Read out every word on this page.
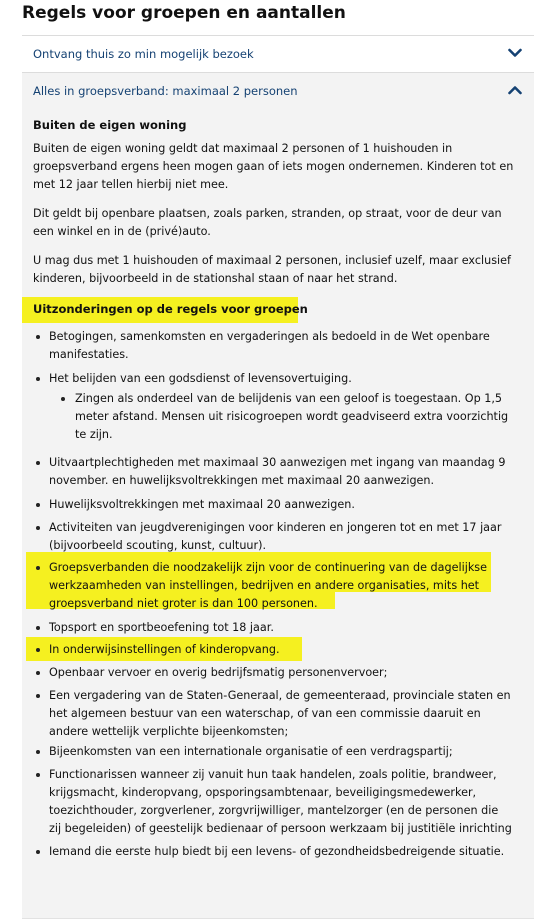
Regels voor groepen en aantallen
Ontvang thuis zo min mogelijk bezoek
Alles in groepsverband: maximaal 2 personen
Buiten de eigen woning

Buiten de eigen woning geldt dat maximaal 2 personen of 1 huishouden in groepsverband ergens heen mogen gaan of iets mogen ondernemen. Kinderen tot en met 12 jaar tellen hierbij niet mee.

Dit geldt bij openbare plaatsen, zoals parken, stranden, op straat, voor de deur van een winkel en in de (privé)auto.

U mag dus met 1 huishouden of maximaal 2 personen, inclusief uzelf, maar exclusief kinderen, bijvoorbeeld in de stationshal staan of naar het strand.

Uitzonderingen op de regels voor groepen
Betogingen, samenkomsten en vergaderingen als bedoeld in de Wet openbare manifestaties.
Het belijden van een godsdienst of levensovertuiging.
Zingen als onderdeel van de belijdenis van een geloof is toegestaan. Op 1,5 meter afstand. Mensen uit risicogroepen wordt geadviseerd extra voorzichtig te zijn.
Uitvaartplechtigheden met maximaal 30 aanwezigen met ingang van maandag 9 november. en huwelijksvoltrekkingen met maximaal 20 aanwezigen.
Huwelijksvoltrekkingen met maximaal 20 aanwezigen.
Activiteiten van jeugdverenigingen voor kinderen en jongeren tot en met 17 jaar (bijvoorbeeld scouting, kunst, cultuur).
Groepsverbanden die noodzakelijk zijn voor de continuering van de dagelijkse werkzaamheden van instellingen, bedrijven en andere organisaties, mits het groepsverband niet groter is dan 100 personen.
Topsport en sportbeoefening tot 18 jaar.
In onderwijsinstellingen of kinderopvang.
Openbaar vervoer en overig bedrijfsmatig personenvervoer;
Een vergadering van de Staten-Generaal, de gemeenteraad, provinciale staten en het algemeen bestuur van een waterschap, of van een commissie daaruit en andere wettelijk verplichte bijeenkomsten;
Bijeenkomsten van een internationale organisatie of een verdragspartij;
Functionarissen wanneer zij vanuit hun taak handelen, zoals politie, brandweer, krijgsmacht, kinderopvang, opsporingsambtenaar, beveiligingsmedewerker, toezichthouder, zorgverlener, zorgvrijwilliger, mantelzorger (en de personen die zij begeleiden) of geestelijk bedienaar of persoon werkzaam bij justitiële inrichting
Iemand die eerste hulp biedt bij een levens- of gezondheidsbedreigende situatie.
